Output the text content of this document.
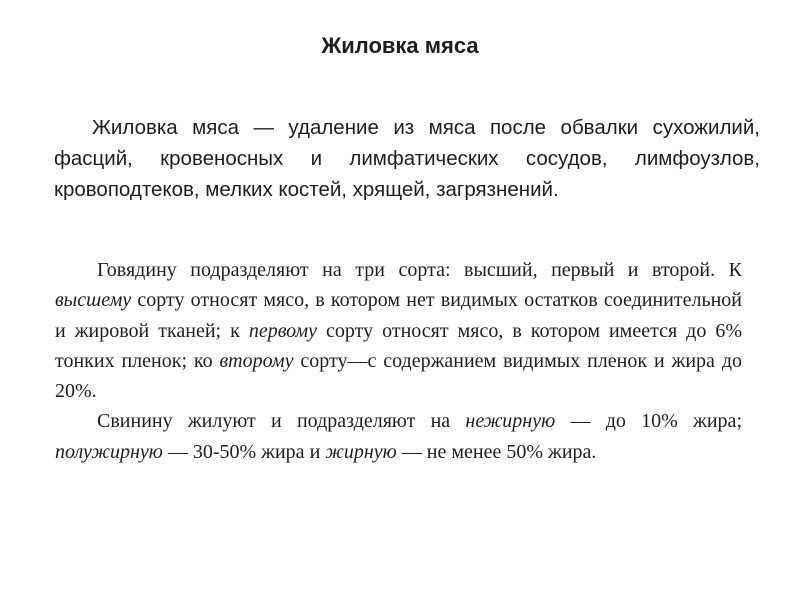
Жиловка мяса

Жиловка мяса — удаление из мяса после обвалки сухожилий, фасций, кровеносных и лимфатических сосудов, лимфоузлов, кровоподтеков, мелких костей, хрящей, загрязнений.

Говядину подразделяют на три сорта: высший, первый и второй. К высшему сорту относят мясо, в котором нет видимых остатков соединительной и жировой тканей; к первому сорту относят мясо, в котором имеется до 6% тонких пленок; ко второму сорту—с содержанием видимых пленок и жира до 20%.

Свинину жилуют и подразделяют на нежирную — до 10% жира; полужирную — 30-50% жира и жирную — не менее 50% жира.
